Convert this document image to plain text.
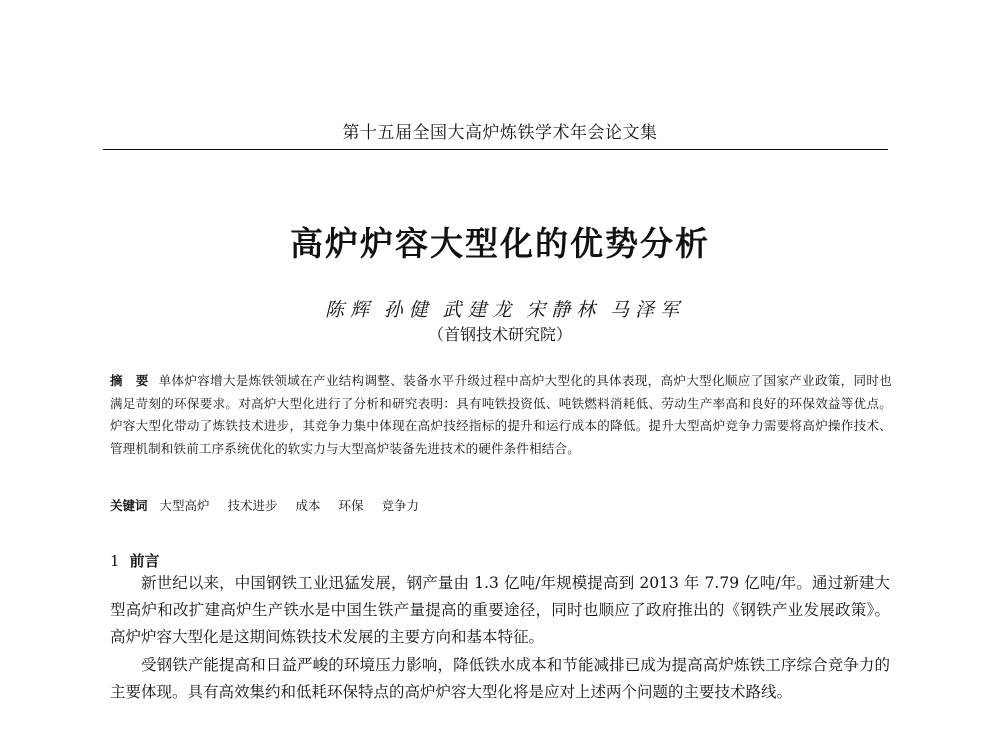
第十五届全国大高炉炼铁学术年会论文集
高炉炉容大型化的优势分析
陈辉 孙健 武建龙 宋静林 马泽军
（首钢技术研究院）
摘　要 单体炉容增大是炼铁领域在产业结构调整、装备水平升级过程中高炉大型化的具体表现，高炉大型化顺应了国家产业政策，同时也满足苛刻的环保要求。对高炉大型化进行了分析和研究表明：具有吨铁投资低、吨铁燃料消耗低、劳动生产率高和良好的环保效益等优点。炉容大型化带动了炼铁技术进步，其竞争力集中体现在高炉技经指标的提升和运行成本的降低。提升大型高炉竞争力需要将高炉操作技术、管理机制和铁前工序系统优化的软实力与大型高炉装备先进技术的硬件条件相结合。
关键词 大型高炉 技术进步 成本 环保 竞争力
1 前言

新世纪以来，中国钢铁工业迅猛发展，钢产量由 1.3 亿吨/年规模提高到 2013 年 7.79 亿吨/年。通过新建大型高炉和改扩建高炉生产铁水是中国生铁产量提高的重要途径，同时也顺应了政府推出的《钢铁产业发展政策》。高炉炉容大型化是这期间炼铁技术发展的主要方向和基本特征。

受钢铁产能提高和日益严峻的环境压力影响，降低铁水成本和节能减排已成为提高高炉炼铁工序综合竞争力的主要体现。具有高效集约和低耗环保特点的高炉炉容大型化将是应对上述两个问题的主要技术路线。
